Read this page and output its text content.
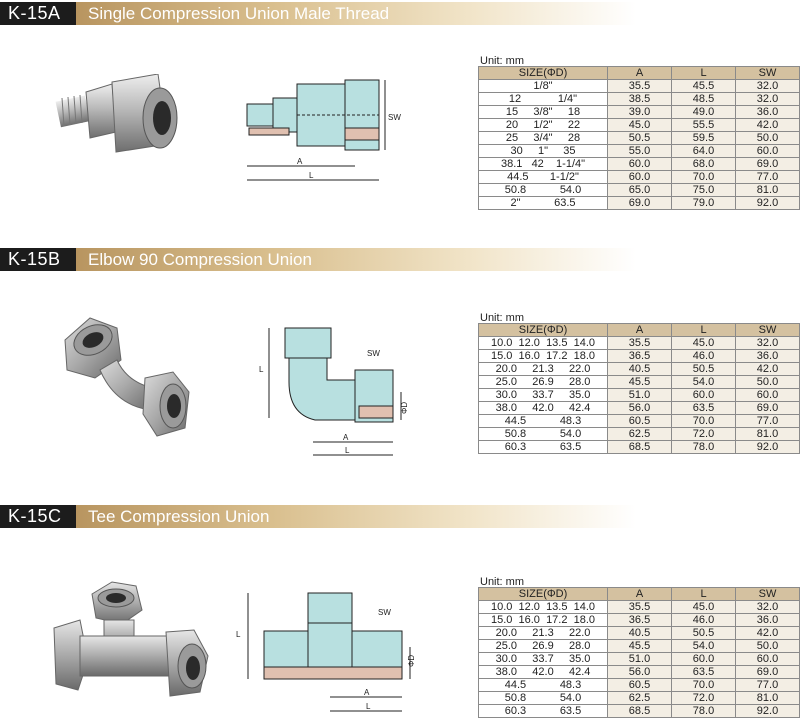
K-15A	Single Compression Union Male Thread
SW
A
L
Unit: mm
SIZE(ΦD)	A	L	SW
1/8"	35.5	45.5	32.0
12 1/4"	38.5	48.5	32.0
15 3/8" 18	39.0	49.0	36.0
20 1/2" 22	45.0	55.5	42.0
25 3/4" 28	50.5	59.5	50.0
30 1" 35	55.0	64.0	60.0
38.1 42 1-1/4"	60.0	68.0	69.0
44.5 1-1/2"	60.0	70.0	77.0
50.8 54.0	65.0	75.0	81.0
2" 63.5	69.0	79.0	92.0
K-15B	Elbow 90 Compression Union
L
SW
A
L
ΦD
Unit: mm
SIZE(ΦD)	A	L	SW
10.0 12.0 13.5 14.0	35.5	45.0	32.0
15.0 16.0 17.2 18.0	36.5	46.0	36.0
20.0 21.3 22.0	40.5	50.5	42.0
25.0 26.9 28.0	45.5	54.0	50.0
30.0 33.7 35.0	51.0	60.0	60.0
38.0 42.0 42.4	56.0	63.5	69.0
44.5 48.3	60.5	70.0	77.0
50.8 54.0	62.5	72.0	81.0
60.3 63.5	68.5	78.0	92.0
K-15C	Tee Compression Union
L
SW
A
L
ΦD
Unit: mm
SIZE(ΦD)	A	L	SW
10.0 12.0 13.5 14.0	35.5	45.0	32.0
15.0 16.0 17.2 18.0	36.5	46.0	36.0
20.0 21.3 22.0	40.5	50.5	42.0
25.0 26.9 28.0	45.5	54.0	50.0
30.0 33.7 35.0	51.0	60.0	60.0
38.0 42.0 42.4	56.0	63.5	69.0
44.5 48.3	60.5	70.0	77.0
50.8 54.0	62.5	72.0	81.0
60.3 63.5	68.5	78.0	92.0
